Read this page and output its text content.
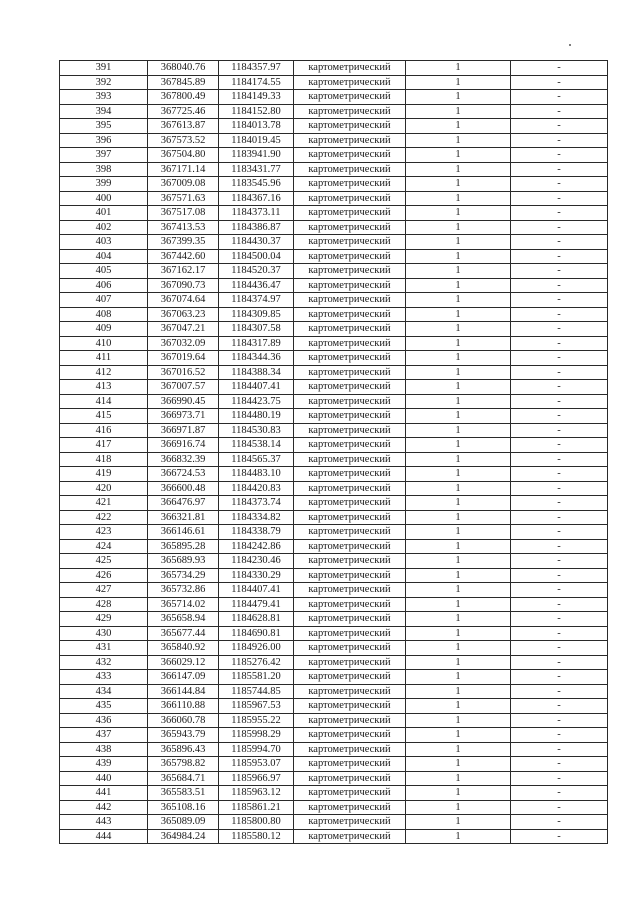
391	368040.76	1184357.97	картометрический	1	-
392	367845.89	1184174.55	картометрический	1	-
393	367800.49	1184149.33	картометрический	1	-
394	367725.46	1184152.80	картометрический	1	-
395	367613.87	1184013.78	картометрический	1	-
396	367573.52	1184019.45	картометрический	1	-
397	367504.80	1183941.90	картометрический	1	-
398	367171.14	1183431.77	картометрический	1	-
399	367009.08	1183545.96	картометрический	1	-
400	367571.63	1184367.16	картометрический	1	-
401	367517.08	1184373.11	картометрический	1	-
402	367413.53	1184386.87	картометрический	1	-
403	367399.35	1184430.37	картометрический	1	-
404	367442.60	1184500.04	картометрический	1	-
405	367162.17	1184520.37	картометрический	1	-
406	367090.73	1184436.47	картометрический	1	-
407	367074.64	1184374.97	картометрический	1	-
408	367063.23	1184309.85	картометрический	1	-
409	367047.21	1184307.58	картометрический	1	-
410	367032.09	1184317.89	картометрический	1	-
411	367019.64	1184344.36	картометрический	1	-
412	367016.52	1184388.34	картометрический	1	-
413	367007.57	1184407.41	картометрический	1	-
414	366990.45	1184423.75	картометрический	1	-
415	366973.71	1184480.19	картометрический	1	-
416	366971.87	1184530.83	картометрический	1	-
417	366916.74	1184538.14	картометрический	1	-
418	366832.39	1184565.37	картометрический	1	-
419	366724.53	1184483.10	картометрический	1	-
420	366600.48	1184420.83	картометрический	1	-
421	366476.97	1184373.74	картометрический	1	-
422	366321.81	1184334.82	картометрический	1	-
423	366146.61	1184338.79	картометрический	1	-
424	365895.28	1184242.86	картометрический	1	-
425	365689.93	1184230.46	картометрический	1	-
426	365734.29	1184330.29	картометрический	1	-
427	365732.86	1184407.41	картометрический	1	-
428	365714.02	1184479.41	картометрический	1	-
429	365658.94	1184628.81	картометрический	1	-
430	365677.44	1184690.81	картометрический	1	-
431	365840.92	1184926.00	картометрический	1	-
432	366029.12	1185276.42	картометрический	1	-
433	366147.09	1185581.20	картометрический	1	-
434	366144.84	1185744.85	картометрический	1	-
435	366110.88	1185967.53	картометрический	1	-
436	366060.78	1185955.22	картометрический	1	-
437	365943.79	1185998.29	картометрический	1	-
438	365896.43	1185994.70	картометрический	1	-
439	365798.82	1185953.07	картометрический	1	-
440	365684.71	1185966.97	картометрический	1	-
441	365583.51	1185963.12	картометрический	1	-
442	365108.16	1185861.21	картометрический	1	-
443	365089.09	1185800.80	картометрический	1	-
444	364984.24	1185580.12	картометрический	1	-
